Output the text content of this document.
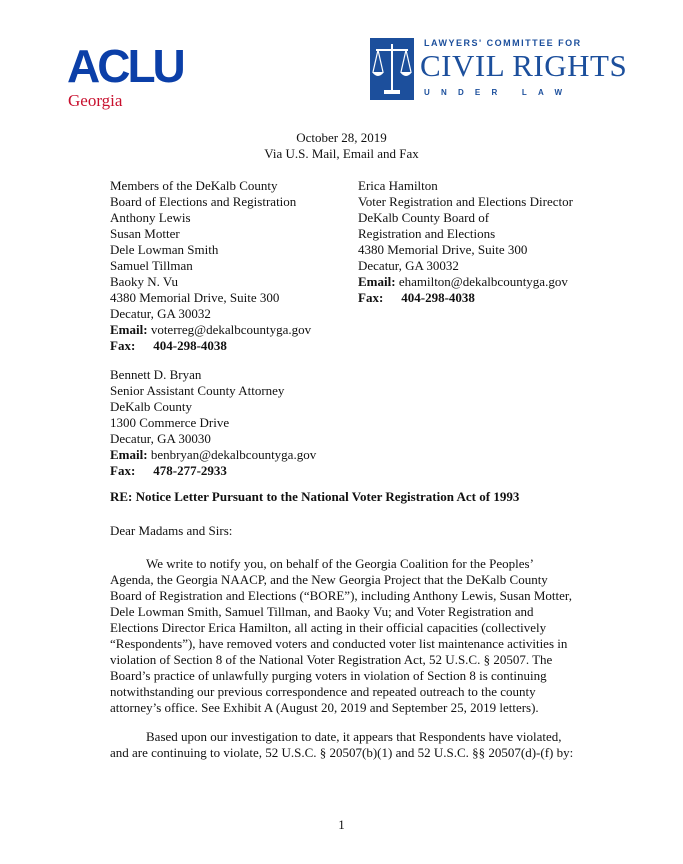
ACLU
Georgia
LAWYERS' COMMITTEE FOR
CIVIL RIGHTS
UNDER LAW
October 28, 2019
Via U.S. Mail, Email and Fax
Members of the DeKalb County
Board of Elections and Registration
Anthony Lewis
Susan Motter
Dele Lowman Smith
Samuel Tillman
Baoky N. Vu
4380 Memorial Drive, Suite 300
Decatur, GA 30032
Email: voterreg@dekalbcountyga.gov
Fax: 404-298-4038
Erica Hamilton
Voter Registration and Elections Director
DeKalb County Board of
Registration and Elections
4380 Memorial Drive, Suite 300
Decatur, GA 30032
Email: ehamilton@dekalbcountyga.gov
Fax: 404-298-4038
Bennett D. Bryan
Senior Assistant County Attorney
DeKalb County
1300 Commerce Drive
Decatur, GA 30030
Email: benbryan@dekalbcountyga.gov
Fax: 478-277-2933
RE: Notice Letter Pursuant to the National Voter Registration Act of 1993
Dear Madams and Sirs:
We write to notify you, on behalf of the Georgia Coalition for the Peoples’
Agenda, the Georgia NAACP, and the New Georgia Project that the DeKalb County
Board of Registration and Elections (“BORE”), including Anthony Lewis, Susan Motter,
Dele Lowman Smith, Samuel Tillman, and Baoky Vu; and Voter Registration and
Elections Director Erica Hamilton, all acting in their official capacities (collectively
“Respondents”), have removed voters and conducted voter list maintenance activities in
violation of Section 8 of the National Voter Registration Act, 52 U.S.C. § 20507. The
Board’s practice of unlawfully purging voters in violation of Section 8 is continuing
notwithstanding our previous correspondence and repeated outreach to the county
attorney’s office. See Exhibit A (August 20, 2019 and September 25, 2019 letters).
Based upon our investigation to date, it appears that Respondents have violated,
and are continuing to violate, 52 U.S.C. § 20507(b)(1) and 52 U.S.C. §§ 20507(d)-(f) by:
1
